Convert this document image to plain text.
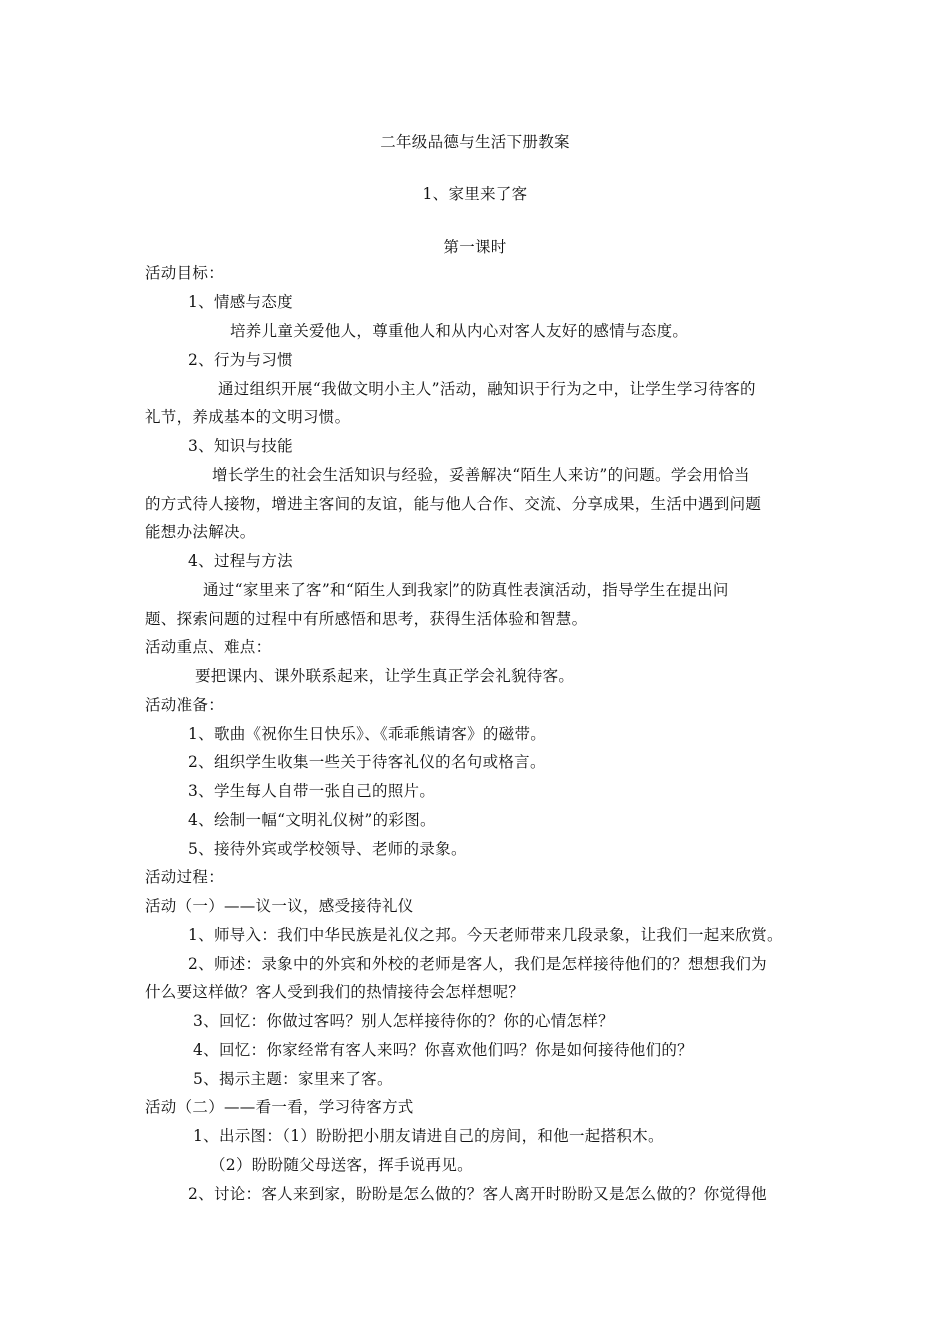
二年级品德与生活下册教案
1、家里来了客
第一课时
活动目标：
1、情感与态度
培养儿童关爱他人，尊重他人和从内心对客人友好的感情与态度。
2、行为与习惯
通过组织开展“我做文明小主人”活动，融知识于行为之中，让学生学习待客的
礼节，养成基本的文明习惯。
3、知识与技能
增长学生的社会生活知识与经验，妥善解决“陌生人来访”的问题。学会用恰当
的方式待人接物，增进主客间的友谊，能与他人合作、交流、分享成果，生活中遇到问题
能想办法解决。
4、过程与方法
通过“家里来了客”和“陌生人到我家 ”的防真性表演活动，指导学生在提出问
题、探索问题的过程中有所感悟和思考，获得生活体验和智慧。
活动重点、难点：
要把课内、课外联系起来，让学生真正学会礼貌待客。
活动准备：
1、歌曲《祝你生日快乐》、《乖乖熊请客》的磁带。
2、组织学生收集一些关于待客礼仪的名句或格言。
3、学生每人自带一张自己的照片。
4、绘制一幅“文明礼仪树”的彩图。
5、接待外宾或学校领导、老师的录象。
活动过程：
活动（一）——议一议，感受接待礼仪
1、师导入：我们中华民族是礼仪之邦。今天老师带来几段录象，让我们一起来欣赏。
2、师述：录象中的外宾和外校的老师是客人，我们是怎样接待他们的？想想我们为
什么要这样做？客人受到我们的热情接待会怎样想呢？
3、回忆：你做过客吗？别人怎样接待你的？你的心情怎样？
4、回忆：你家经常有客人来吗？你喜欢他们吗？你是如何接待他们的？
5、揭示主题：家里来了客。
活动（二）——看一看，学习待客方式
1、出示图：（1）盼盼把小朋友请进自己的房间，和他一起搭积木。
（2）盼盼随父母送客，挥手说再见。
2、讨论：客人来到家，盼盼是怎么做的？客人离开时盼盼又是怎么做的？你觉得他
